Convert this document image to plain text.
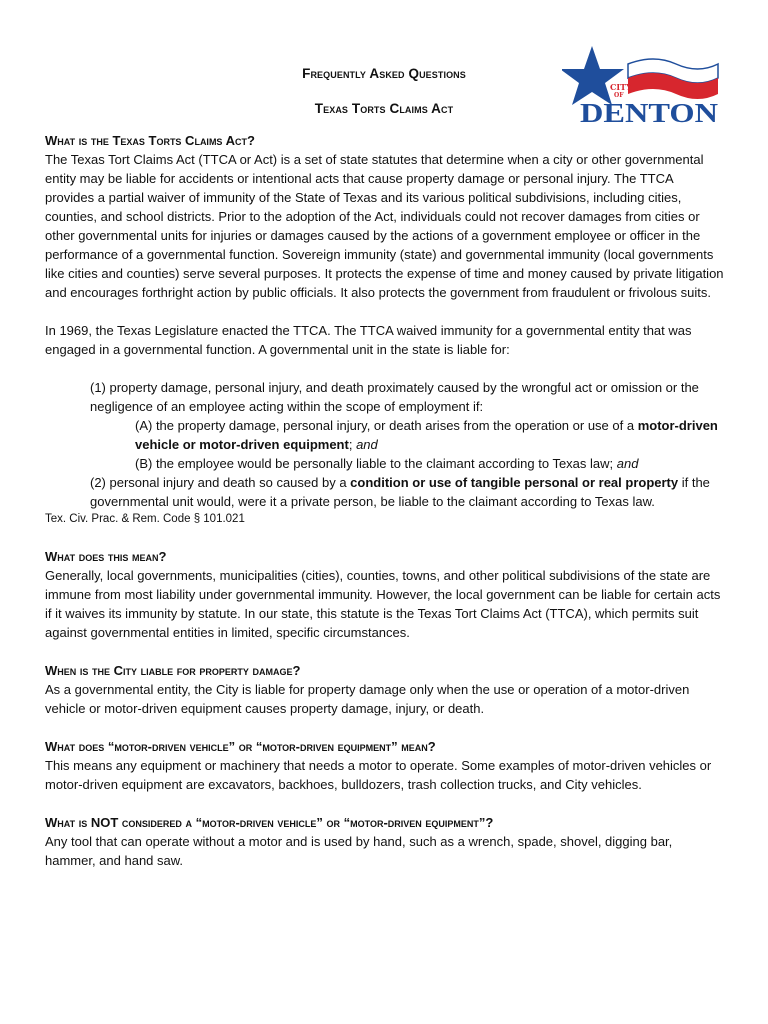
Frequently Asked Questions
Texas Torts Claims Act
CITY
OF
DENTON

What is the Texas Torts Claims Act?

The Texas Tort Claims Act (TTCA or Act) is a set of state statutes that determine when a city or other governmental entity may be liable for accidents or intentional acts that cause property damage or personal injury. The TTCA provides a partial waiver of immunity of the State of Texas and its various political subdivisions, including cities, counties, and school districts. Prior to the adoption of the Act, individuals could not recover damages from cities or other governmental units for injuries or damages caused by the actions of a government employee or officer in the performance of a governmental function. Sovereign immunity (state) and governmental immunity (local governments like cities and counties) serve several purposes. It protects the expense of time and money caused by private litigation and encourages forthright action by public officials. It also protects the government from fraudulent or frivolous suits.

In 1969, the Texas Legislature enacted the TTCA. The TTCA waived immunity for a governmental entity that was engaged in a governmental function. A governmental unit in the state is liable for:

(1) property damage, personal injury, and death proximately caused by the wrongful act or omission or the negligence of an employee acting within the scope of employment if:

(A) the property damage, personal injury, or death arises from the operation or use of a motor-driven vehicle or motor-driven equipment; and

(B) the employee would be personally liable to the claimant according to Texas law; and

(2) personal injury and death so caused by a condition or use of tangible personal or real property if the governmental unit would, were it a private person, be liable to the claimant according to Texas law.

Tex. Civ. Prac. & Rem. Code § 101.021

What does this mean?

Generally, local governments, municipalities (cities), counties, towns, and other political subdivisions of the state are immune from most liability under governmental immunity. However, the local government can be liable for certain acts if it waives its immunity by statute. In our state, this statute is the Texas Tort Claims Act (TTCA), which permits suit against governmental entities in limited, specific circumstances.

When is the City liable for property damage?

As a governmental entity, the City is liable for property damage only when the use or operation of a motor-driven vehicle or motor-driven equipment causes property damage, injury, or death.

What does “motor-driven vehicle” or “motor-driven equipment” mean?

This means any equipment or machinery that needs a motor to operate. Some examples of motor-driven vehicles or motor-driven equipment are excavators, backhoes, bulldozers, trash collection trucks, and City vehicles.

What is NOT considered a “motor-driven vehicle” or “motor-driven equipment”?

Any tool that can operate without a motor and is used by hand, such as a wrench, spade, shovel, digging bar, hammer, and hand saw.
